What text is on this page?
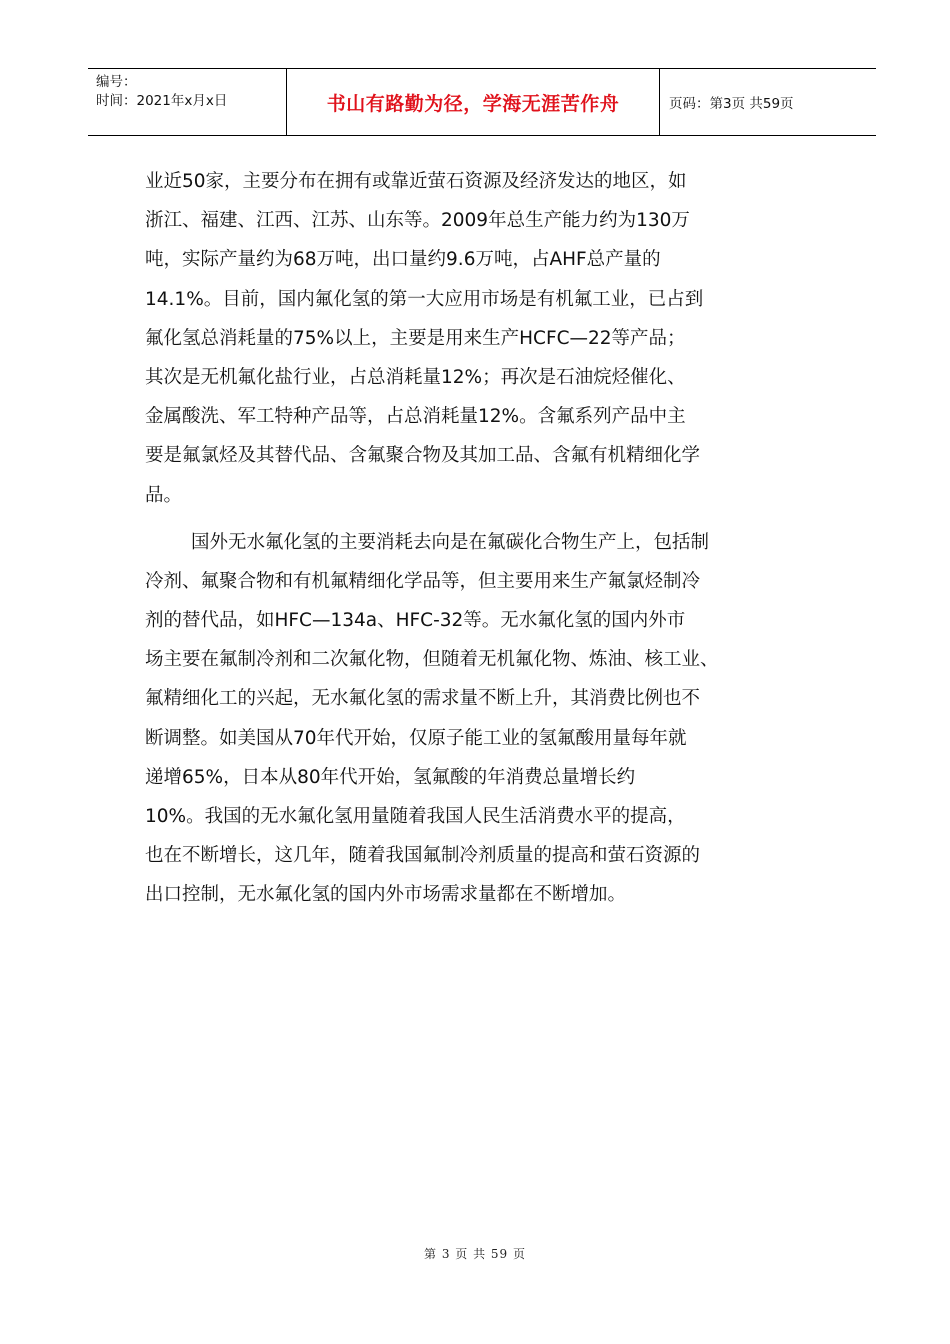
编号：
时间：2021年x月x日	书山有路勤为径，学海无涯苦作舟	页码：第3页 共59页
业近50家，主要分布在拥有或靠近萤石资源及经济发达的地区，如
浙江、福建、江西、江苏、山东等。2009年总生产能力约为130万
吨，实际产量约为68万吨，出口量约9.6万吨，占AHF总产量的
14.1%。目前，国内氟化氢的第一大应用市场是有机氟工业，已占到
氟化氢总消耗量的75%以上，主要是用来生产HCFC—22等产品；
其次是无机氟化盐行业，占总消耗量12%；再次是石油烷烃催化、
金属酸洗、军工特种产品等，占总消耗量12%。含氟系列产品中主
要是氟氯烃及其替代品、含氟聚合物及其加工品、含氟有机精细化学
品。
国外无水氟化氢的主要消耗去向是在氟碳化合物生产上，包括制
冷剂、氟聚合物和有机氟精细化学品等，但主要用来生产氟氯烃制冷
剂的替代品，如HFC—134a、HFC-32等。无水氟化氢的国内外市
场主要在氟制冷剂和二次氟化物，但随着无机氟化物、炼油、核工业、
氟精细化工的兴起，无水氟化氢的需求量不断上升，其消费比例也不
断调整。如美国从70年代开始，仅原子能工业的氢氟酸用量每年就
递增65%，日本从80年代开始，氢氟酸的年消费总量增长约
10%。我国的无水氟化氢用量随着我国人民生活消费水平的提高，
也在不断增长，这几年，随着我国氟制冷剂质量的提高和萤石资源的
出口控制，无水氟化氢的国内外市场需求量都在不断增加。
第 3 页 共 59 页
